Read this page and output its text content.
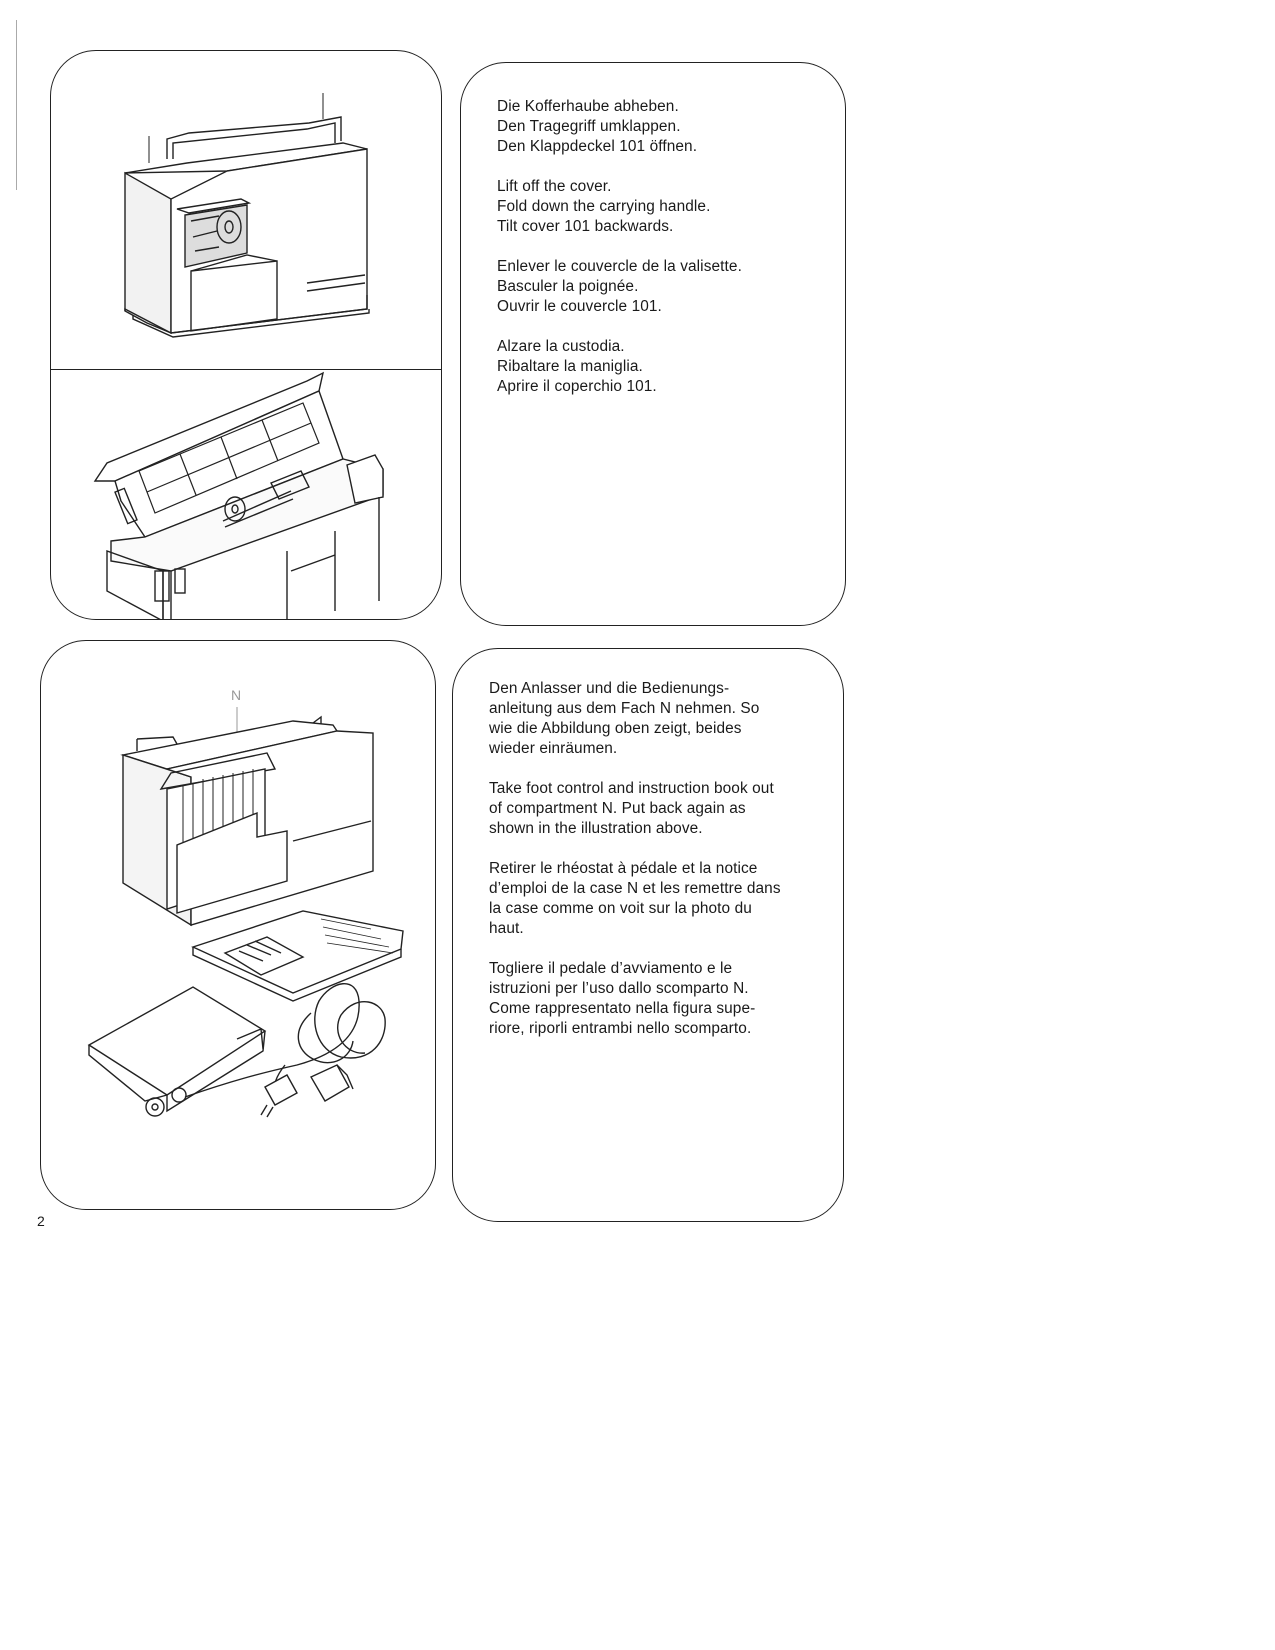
Die Kofferhaube abheben.
Den Tragegriff umklappen.
Den Klappdeckel 101 öffnen.
Lift off the cover.
Fold down the carrying handle.
Tilt cover 101 backwards.
Enlever le couvercle de la valisette.
Basculer la poignée.
Ouvrir le couvercle 101.
Alzare la custodia.
Ribaltare la maniglia.
Aprire il coperchio 101.
N	Den Anlasser und die Bedienungs-
anleitung aus dem Fach N nehmen. So
wie die Abbildung oben zeigt, beides
wieder einräumen.
Take foot control and instruction book out
of compartment N. Put back again as
shown in the illustration above.
Retirer le rhéostat à pédale et la notice
d’emploi de la case N et les remettre dans
la case comme on voit sur la photo du
haut.
Togliere il pedale d’avviamento e le
istruzioni per l’uso dallo scomparto N.
Come rappresentato nella figura supe-
riore, riporli entrambi nello scomparto.
2
